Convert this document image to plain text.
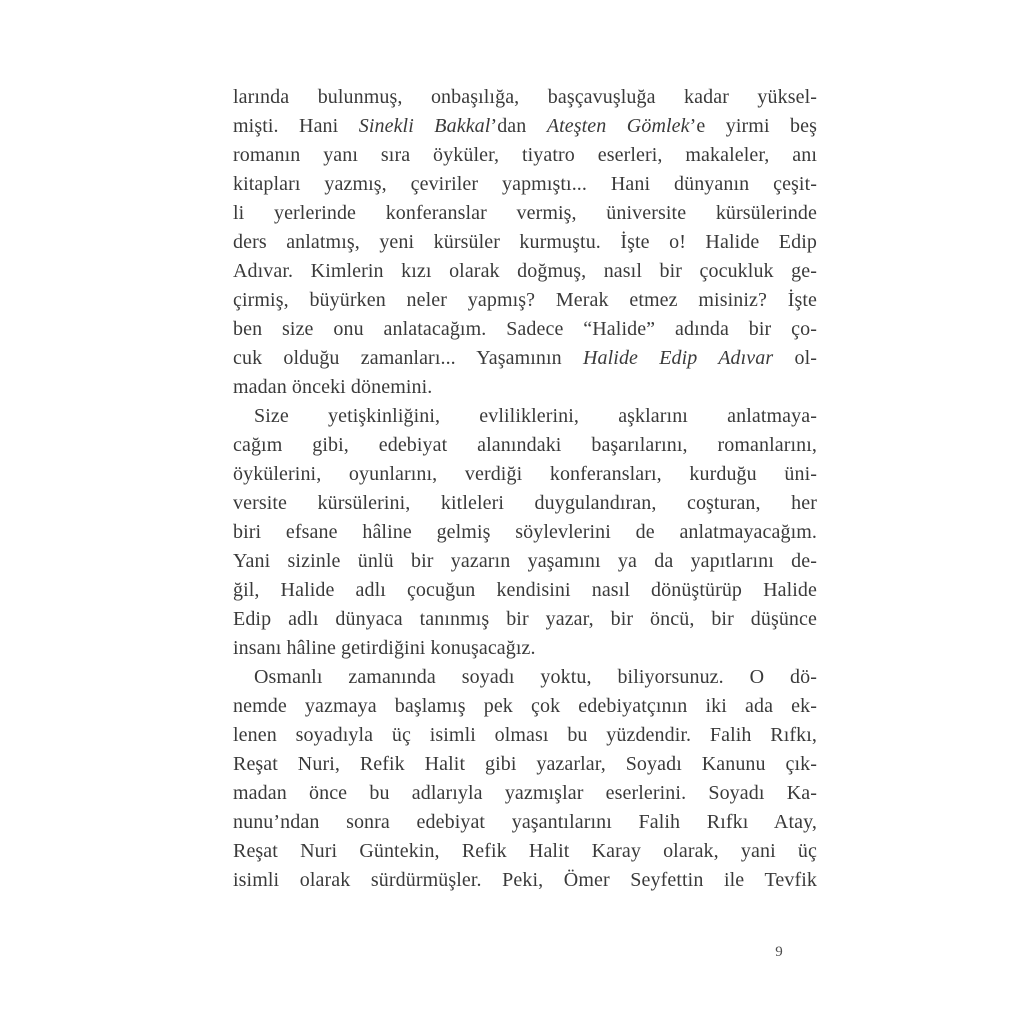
larında bulunmuş, onbaşılığa, başçavuşluğa kadar yüksel-
mişti. Hani Sinekli Bakkal’dan Ateşten Gömlek’e yirmi beş
romanın yanı sıra öyküler, tiyatro eserleri, makaleler, anı
kitapları yazmış, çeviriler yapmıştı... Hani dünyanın çeşit-
li yerlerinde konferanslar vermiş, üniversite kürsülerinde
ders anlatmış, yeni kürsüler kurmuştu. İşte o! Halide Edip
Adıvar. Kimlerin kızı olarak doğmuş, nasıl bir çocukluk ge-
çirmiş, büyürken neler yapmış? Merak etmez misiniz? İşte
ben size onu anlatacağım. Sadece “Halide” adında bir ço-
cuk olduğu zamanları... Yaşamının Halide Edip Adıvar ol-
madan önceki dönemini.
Size yetişkinliğini, evliliklerini, aşklarını anlatmaya-
cağım gibi, edebiyat alanındaki başarılarını, romanlarını,
öykülerini, oyunlarını, verdiği konferansları, kurduğu üni-
versite kürsülerini, kitleleri duygulandıran, coşturan, her
biri efsane hâline gelmiş söylevlerini de anlatmayacağım.
Yani sizinle ünlü bir yazarın yaşamını ya da yapıtlarını de-
ğil, Halide adlı çocuğun kendisini nasıl dönüştürüp Halide
Edip adlı dünyaca tanınmış bir yazar, bir öncü, bir düşünce
insanı hâline getirdiğini konuşacağız.
Osmanlı zamanında soyadı yoktu, biliyorsunuz. O dö-
nemde yazmaya başlamış pek çok edebiyatçının iki ada ek-
lenen soyadıyla üç isimli olması bu yüzdendir. Falih Rıfkı,
Reşat Nuri, Refik Halit gibi yazarlar, Soyadı Kanunu çık-
madan önce bu adlarıyla yazmışlar eserlerini. Soyadı Ka-
nunu’ndan sonra edebiyat yaşantılarını Falih Rıfkı Atay,
Reşat Nuri Güntekin, Refik Halit Karay olarak, yani üç
isimli olarak sürdürmüşler. Peki, Ömer Seyfettin ile Tevfik
9
